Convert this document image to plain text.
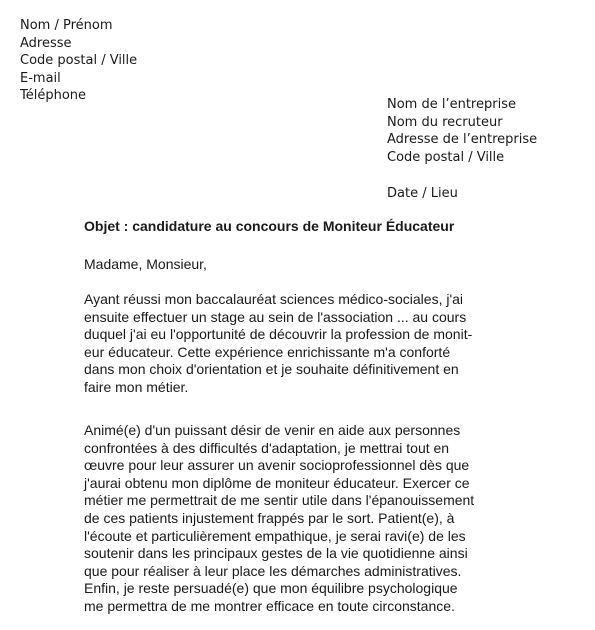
Nom / Prénom
Adresse
Code postal / Ville
E-mail
Téléphone
Nom de l’entreprise
Nom du recruteur
Adresse de l’entreprise
Code postal / Ville
Date / Lieu
Objet : candidature au concours de Moniteur Éducateur
Madame, Monsieur,
Ayant réussi mon baccalauréat sciences médico-sociales, j'ai
ensuite effectuer un stage au sein de l'association ... au cours
duquel j'ai eu l'opportunité de découvrir la profession de monit-
eur éducateur. Cette expérience enrichissante m'a conforté
dans mon choix d'orientation et je souhaite définitivement en
faire mon métier.
Animé(e) d'un puissant désir de venir en aide aux personnes
confrontées à des difficultés d'adaptation, je mettrai tout en
œuvre pour leur assurer un avenir socioprofessionnel dès que
j'aurai obtenu mon diplôme de moniteur éducateur. Exercer ce
métier me permettrait de me sentir utile dans l'épanouissement
de ces patients injustement frappés par le sort. Patient(e), à
l'écoute et particulièrement empathique, je serai ravi(e) de les
soutenir dans les principaux gestes de la vie quotidienne ainsi
que pour réaliser à leur place les démarches administratives.
Enfin, je reste persuadé(e) que mon équilibre psychologique
me permettra de me montrer efficace en toute circonstance.
